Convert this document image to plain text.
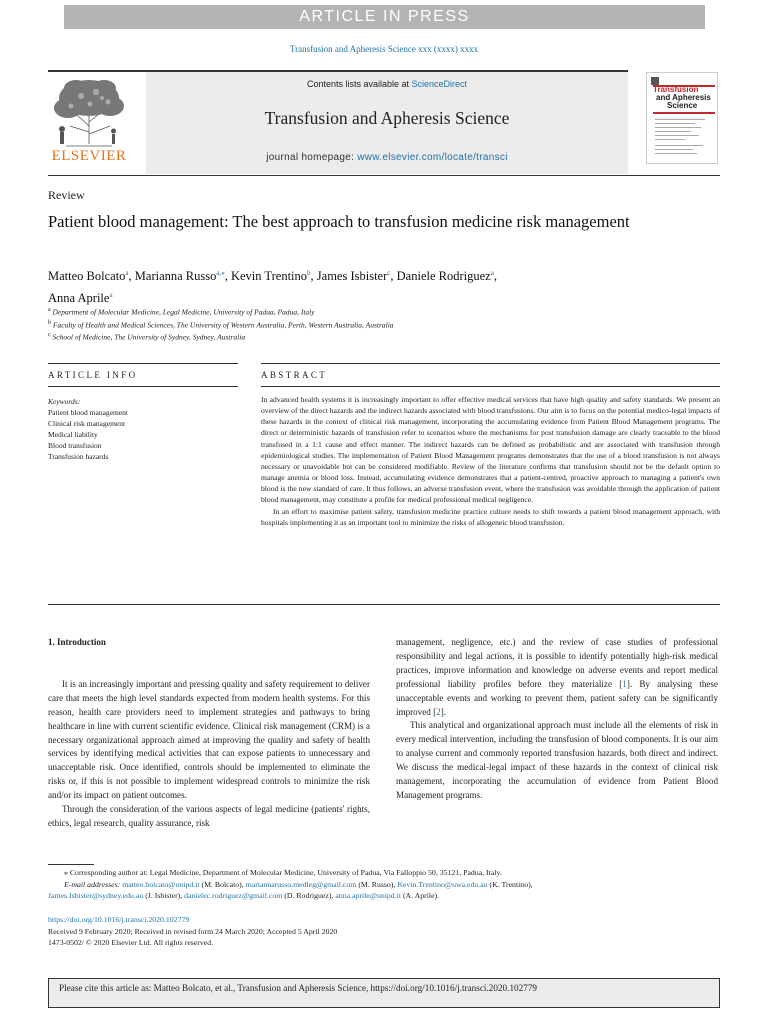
ARTICLE IN PRESS
Transfusion and Apheresis Science xxx (xxxx) xxxx
ELSEVIER
Contents lists available at ScienceDirect
Transfusion and Apheresis Science
journal homepage: www.elsevier.com/locate/transci
Transfusion
and Apheresis
Science
Review
Patient blood management: The best approach to transfusion medicine risk management
Matteo Bolcato$^a$, Marianna Russo$^{a,⁎}$, Kevin Trentino$^b$, James Isbister$^c$, Daniele Rodriguez$^a$,
Anna Aprile$^a$
$^a$ Department of Molecular Medicine, Legal Medicine, University of Padua, Padua, Italy
$^b$ Faculty of Health and Medical Sciences, The University of Western Australia, Perth, Western Australia, Australia
$^c$ School of Medicine, The University of Sydney, Sydney, Australia
ARTICLE INFO	ABSTRACT
Keywords:
Patient blood management
Clinical risk management
Medical liability
Blood transfusion
Transfusion hazards

In advanced health systems it is increasingly important to offer effective medical services that have high quality and safety standards. We present an overview of the direct hazards and the indirect hazards associated with blood transfusions. Our aim is to focus on the potential medico-legal impacts of these hazards in the context of clinical risk management, incorporating the accumulating evidence from Patient Blood Management programs. The direct or deterministic hazards of transfusion refer to scenarios where the mechanisms for post transfusion damage are clearly traceable to the blood transfused in a 1:1 cause and effect manner. The indirect hazards can be defined as probabilistic and are associated with transfusion through epidemiological studies. The implementation of Patient Blood Management programs demonstrates that the use of a blood transfusion is not always necessary or unavoidable but can be considered modifiable. Review of the literature confirms that transfusion should not be the default option to manage anemia or blood loss. Instead, accumulating evidence demonstrates that a patient-centred, proactive approach to managing a patient's own blood is the new standard of care. It thus follows, an adverse transfusion event, where the transfusion was avoidable through the application of patient blood management, may constitute a profile for medical professional medical negligence.

In an effort to maximise patient safety, transfusion medicine practice culture needs to shift towards a patient blood management approach, with hospitals implementing it as an important tool to minimize the risks of allogeneic blood transfusion.

1. Introduction

It is an increasingly important and pressing quality and safety requirement to deliver care that meets the high level standards expected from modern health systems. For this reason, health care providers need to implement strategies and pathways to bring healthcare in line with current scientific evidence. Clinical risk management (CRM) is a necessary organizational approach aimed at improving the quality and safety of health services by identifying medical activities that can expose patients to unnecessary and unacceptable risk. Once identified, controls should be implemented to eliminate the risks or, if this is not possible to implement widespread controls to minimize the risk and/or its impact on patient outcomes.

Through the consideration of the various aspects of legal medicine (patients' rights, ethics, legal research, quality assurance, risk

management, negligence, etc.) and the review of case studies of professional responsibility and legal actions, it is possible to identify potentially high-risk medical practices, improve information and knowledge on adverse events and report medical professional liability profiles before they materialize [1]. By analysing these unacceptable events and working to prevent them, patient safety can be significantly improved [2].

This analytical and organizational approach must include all the elements of risk in every medical intervention, including the transfusion of blood components. It is our aim to analyse current and commonly reported transfusion hazards, both direct and indirect. We discuss the medical-legal impact of these hazards in the context of clinical risk management, incorporating the accumulation of evidence from Patient Blood Management programs.

⁎ Corresponding author at: Legal Medicine, Department of Molecular Medicine, University of Padua, Via Falloppio 50, 35121, Padua, Italy.
E-mail addresses: matteo.bolcato@unipd.it (M. Bolcato), mariannarusso.medleg@gmail.com (M. Russo), Kevin.Trentino@uwa.edu.au (K. Trentino),
James.Isbister@sydney.edu.au (J. Isbister), danielec.rodriguez@gmail.com (D. Rodriguez), anna.aprile@unipd.it (A. Aprile).
https://doi.org/10.1016/j.transci.2020.102779
Received 9 February 2020; Received in revised form 24 March 2020; Accepted 5 April 2020
1473-0502/ © 2020 Elsevier Ltd. All rights reserved.
Please cite this article as: Matteo Bolcato, et al., Transfusion and Apheresis Science, https://doi.org/10.1016/j.transci.2020.102779
